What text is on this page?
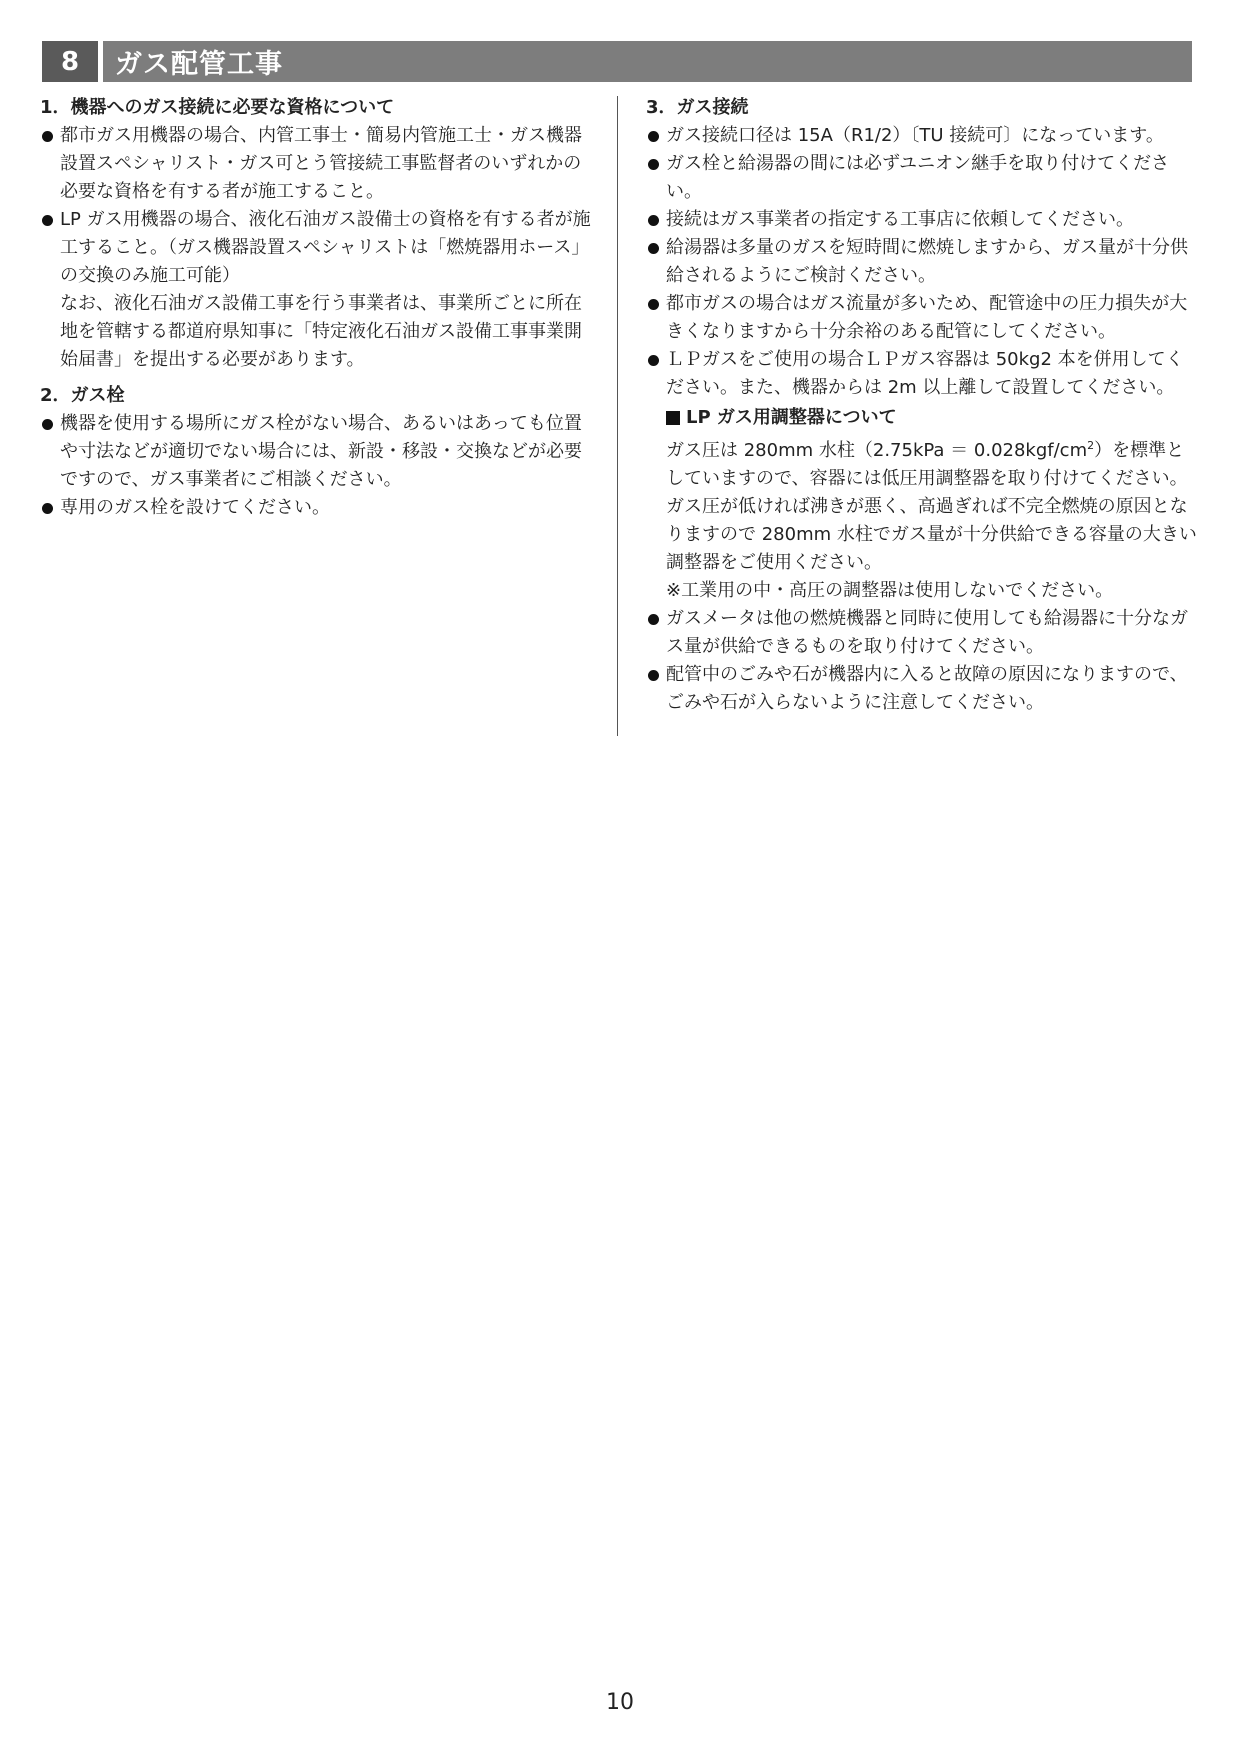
8	ガス配管工事

1．機器へのガス接続に必要な資格について

都市ガス用機器の場合、内管工事士・簡易内管施工士・ガス機器設置スペシャリスト・ガス可とう管接続工事監督者のいずれかの必要な資格を有する者が施工すること。

LP ガス用機器の場合、液化石油ガス設備士の資格を有する者が施工すること。（ガス機器設置スペシャリストは「燃焼器用ホース」の交換のみ施工可能）

なお、液化石油ガス設備工事を行う事業者は、事業所ごとに所在地を管轄する都道府県知事に「特定液化石油ガス設備工事事業開始届書」を提出する必要があります。

2．ガス栓

機器を使用する場所にガス栓がない場合、あるいはあっても位置や寸法などが適切でない場合には、新設・移設・交換などが必要ですので、ガス事業者にご相談ください。

専用のガス栓を設けてください。

3．ガス接続

ガス接続口径は 15A（R1/2）〔TU 接続可〕になっています。

ガス栓と給湯器の間には必ずユニオン継手を取り付けてください。

接続はガス事業者の指定する工事店に依頼してください。

給湯器は多量のガスを短時間に燃焼しますから、ガス量が十分供給されるようにご検討ください。

都市ガスの場合はガス流量が多いため、配管途中の圧力損失が大きくなりますから十分余裕のある配管にしてください。

ＬＰガスをご使用の場合ＬＰガス容器は 50kg2 本を併用してください。また、機器からは 2m 以上離して設置してください。

LP ガス用調整器について

ガス圧は 280mm 水柱$(2.75kPa = 0.028kgf/cm^2)$を標準としていますので、容器には低圧用調整器を取り付けてください。ガス圧が低ければ沸きが悪く、高過ぎれば不完全燃焼の原因となりますので 280mm 水柱でガス量が十分供給できる容量の大きい調整器をご使用ください。

※工業用の中・高圧の調整器は使用しないでください。

ガスメータは他の燃焼機器と同時に使用しても給湯器に十分なガス量が供給できるものを取り付けてください。

配管中のごみや石が機器内に入ると故障の原因になりますので、ごみや石が入らないように注意してください。

10
